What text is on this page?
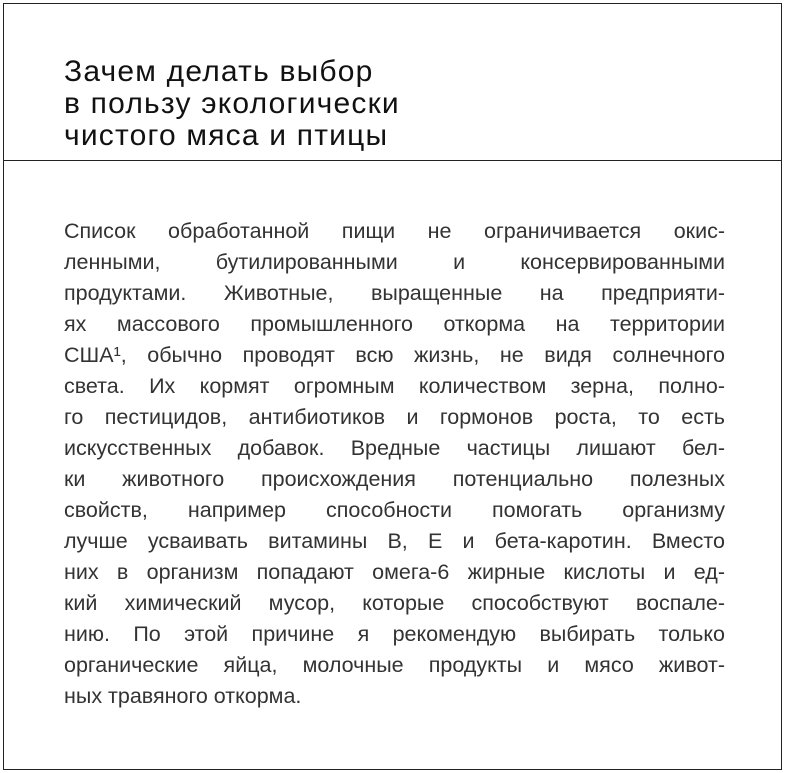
Зачем делать выбор
в пользу экологически
чистого мяса и птицы

Список обработанной пищи не ограничивается окис-
ленными, бутилированными и консервированными
продуктами. Животные, выращенные на предприяти-
ях массового промышленного откорма на территории
США¹, обычно проводят всю жизнь, не видя солнечного
света. Их кормят огромным количеством зерна, полно-
го пестицидов, антибиотиков и гормонов роста, то есть
искусственных добавок. Вредные частицы лишают бел-
ки животного происхождения потенциально полезных
свойств, например способности помогать организму
лучше усваивать витамины В, Е и бета-каротин. Вместо
них в организм попадают омега-6 жирные кислоты и ед-
кий химический мусор, которые способствуют воспале-
нию. По этой причине я рекомендую выбирать только
органические яйца, молочные продукты и мясо живот-
ных травяного откорма.
